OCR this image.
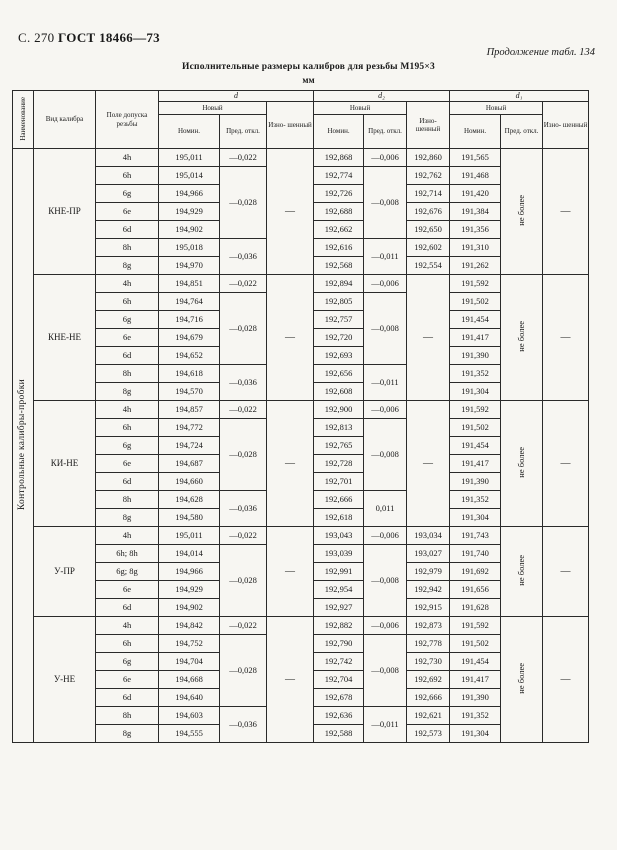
С. 270 ГОСТ 18466—73
Продолжение табл. 134
Исполнительные размеры калибров для резьбы М195×3
мм
Наименование	Вид калибра	Поле допуска резьбы	d			d₂			d₁		
			Новый		Изно- шенный	Новый		Изно- шенный	Новый		Изно- шенный
			Номин.	Пред. откл.		Номин.	Пред. откл.		Номин.	Пред. откл.	
Контрольные калибры-пробки	КНЕ-ПР	4h	195,011	—0,022	—	192,868	—0,006	192,860	191,565	не более	—
		6h	195,014	—0,028		192,774	—0,008	192,762	191,468		
		6g	194,966			192,726		192,714	191,420		
		6e	194,929			192,688		192,676	191,384		
		6d	194,902			192,662		192,650	191,356		
		8h	195,018	—0,036		192,616	—0,011	192,602	191,310		
		8g	194,970			192,568		192,554	191,262		
	КНЕ-НЕ	4h	194,851	—0,022	—	192,894	—0,006	—	191,592	не более	—
		6h	194,764	—0,028		192,805	—0,008		191,502		
		6g	194,716			192,757			191,454		
		6e	194,679			192,720			191,417		
		6d	194,652			192,693			191,390		
		8h	194,618	—0,036		192,656	—0,011		191,352		
		8g	194,570			192,608			191,304		
	КИ-НЕ	4h	194,857	—0,022	—	192,900	—0,006	—	191,592	не более	—
		6h	194,772	—0,028		192,813	—0,008		191,502		
		6g	194,724			192,765			191,454		
		6e	194,687			192,728			191,417		
		6d	194,660			192,701			191,390		
		8h	194,628	—0,036		192,666	0,011		191,352		
		8g	194,580			192,618			191,304		
	У-ПР	4h	195,011	—0,022	—	193,043	—0,006	193,034	191,743	не более	—
		6h; 8h	194,014	—0,028		193,039	—0,008	193,027	191,740		
		6g; 8g	194,966			192,991		192,979	191,692		
		6e	194,929			192,954		192,942	191,656		
		6d	194,902			192,927		192,915	191,628		
	У-НЕ	4h	194,842	—0,022	—	192,882	—0,006	192,873	191,592	не более	—
		6h	194,752	—0,028		192,790	—0,008	192,778	191,502		
		6g	194,704			192,742		192,730	191,454		
		6e	194,668			192,704		192,692	191,417		
		6d	194,640			192,678		192,666	191,390		
		8h	194,603	—0,036		192,636	—0,011	192,621	191,352		
		8g	194,555			192,588		192,573	191,304		
